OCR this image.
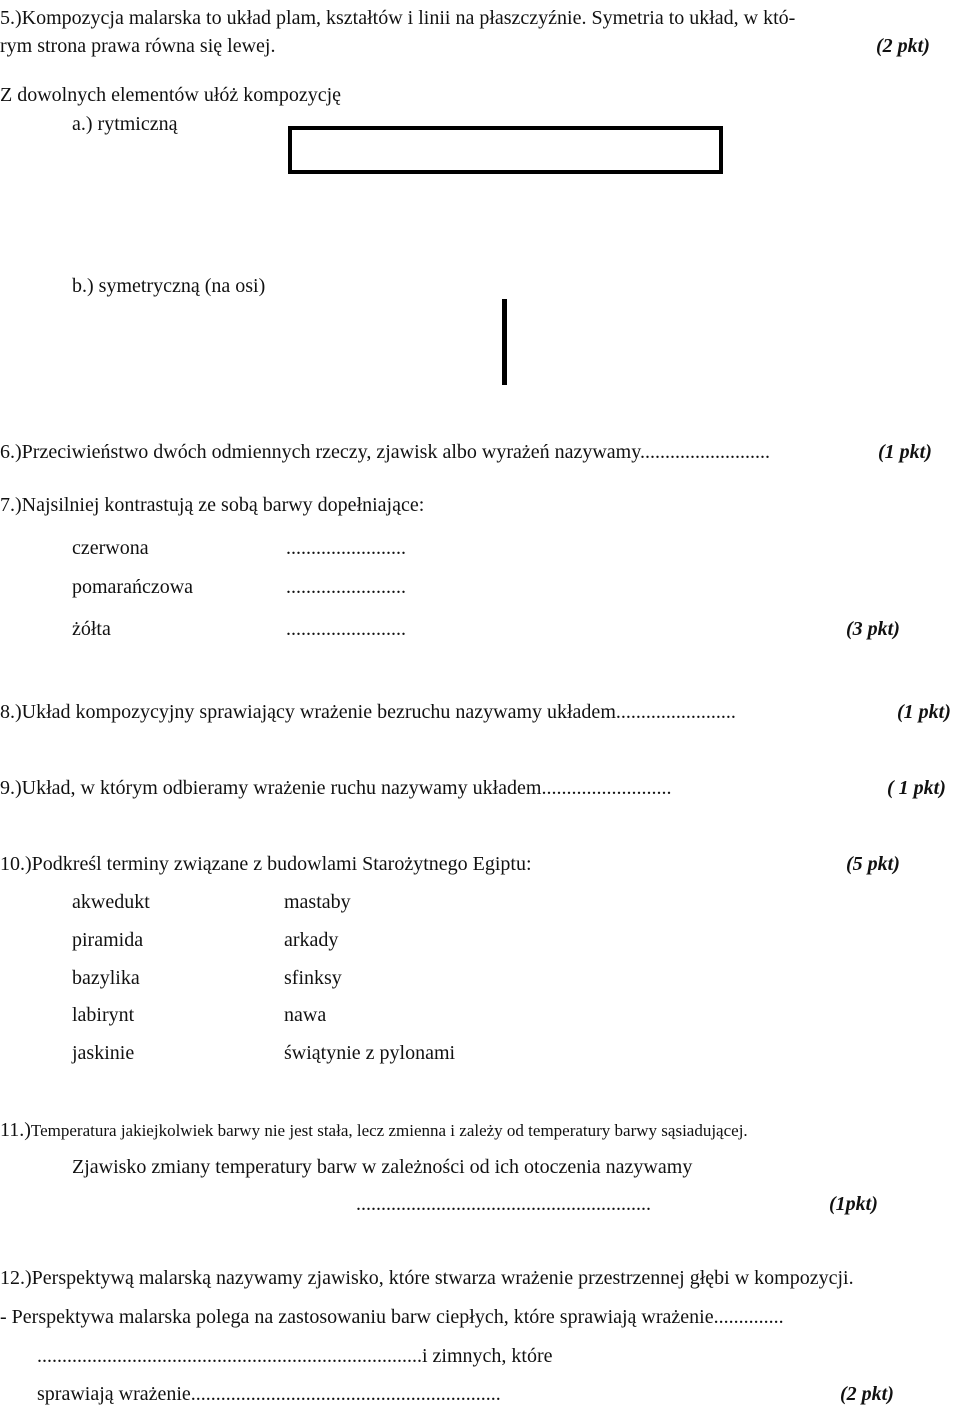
5.)Kompozycja malarska to układ plam, kształtów i linii na płaszczyźnie. Symetria to układ, w któ-
rym strona prawa równa się lewej.	(2 pkt)
Z dowolnych elementów ułóż kompozycję
a.) rytmiczną
b.) symetryczną (na osi)
6.)Przeciwieństwo dwóch odmiennych rzeczy, zjawisk albo wyrażeń nazywamy..........................	(1 pkt)
7.)Najsilniej kontrastują ze sobą barwy dopełniające:
czerwona	........................
pomarańczowa	........................
żółta	........................	(3 pkt)
8.)Układ kompozycyjny sprawiający wrażenie bezruchu nazywamy układem........................	(1 pkt)
9.)Układ, w którym odbieramy wrażenie ruchu nazywamy układem..........................	( 1 pkt)
10.)Podkreśl terminy związane z budowlami Starożytnego Egiptu:	(5 pkt)
akwedukt	mastaby
piramida	arkady
bazylika	sfinksy
labirynt	nawa
jaskinie	świątynie z pylonami
11.)Temperatura jakiejkolwiek barwy nie jest stała, lecz zmienna i zależy od temperatury barwy sąsiadującej.
Zjawisko zmiany temperatury barw w zależności od ich otoczenia nazywamy
...........................................................	(1pkt)
12.)Perspektywą malarską nazywamy zjawisko, które stwarza wrażenie przestrzennej głębi w kompozycji.
- Perspektywa malarska polega na zastosowaniu barw ciepłych, które sprawiają wrażenie..............
.............................................................................i zimnych, które
sprawiają wrażenie..............................................................	(2 pkt)
